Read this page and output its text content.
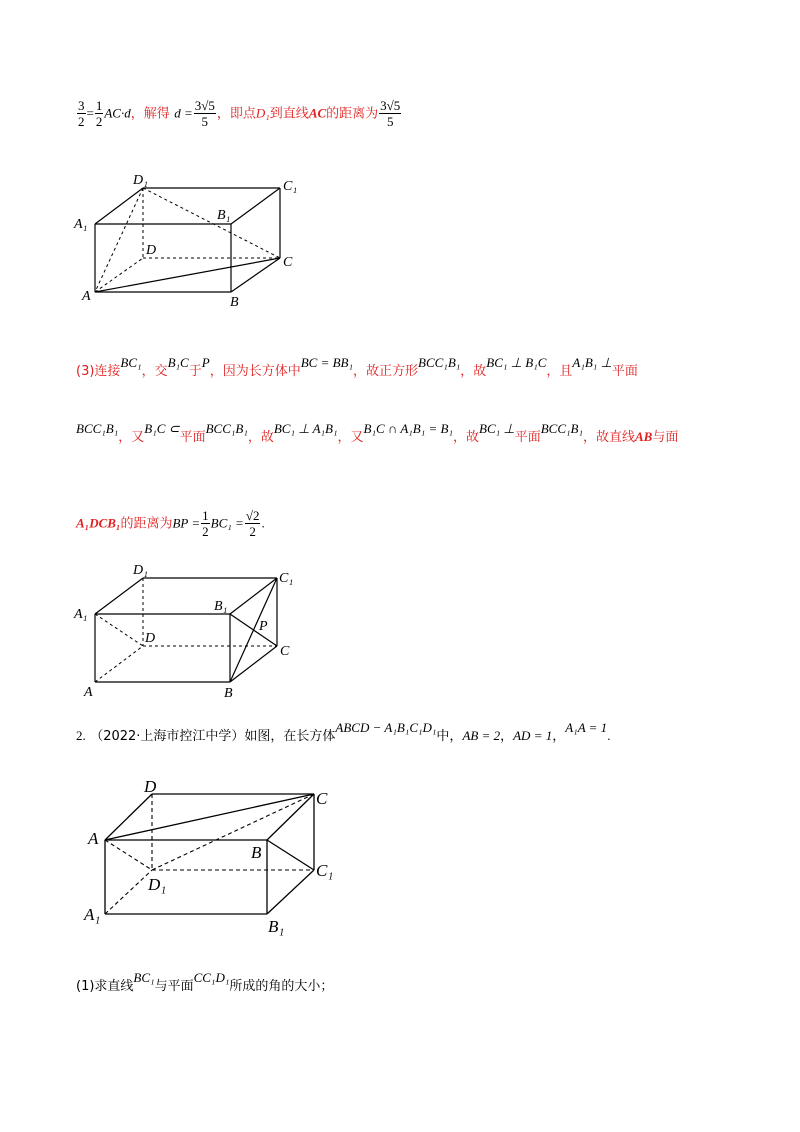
$\frac{3}{2} = \frac{1}{2} AC\cdot d$，解得 $d = \frac{3√5}{5}$ ，即点D₁到直线AC的距离为 $\frac{3√5}{5}$
D₁	C₁
A₁
B₁
D
C
A	B
(3)连接BC₁，交B₁C于P，因为长方体中BC = BB₁，故正方形BCC₁B₁，故BC₁ ⊥ B₁C，且A₁B₁ ⊥平面
BCC₁B₁，又B₁C ⊂平面BCC₁B₁，故BC₁ ⊥ A₁B₁，又B₁C ∩ A₁B₁ = B₁，故BC₁ ⊥平面BCC₁B₁，故直线AB与面
A₁DCB₁的距离为BP = $\frac{1}{2} BC_1 = \frac{√2}{2}$ .
D₁
C₁
A₁
B₁
P
D
C
A	B
2. （2022·上海市控江中学）如图，在长方体ABCD − A₁B₁C₁D₁中，AB = 2，AD = 1，A₁A = 1.
D
C
A
B
D₁
C₁
A₁
B₁
(1)求直线BC₁与平面CC₁D₁所成的角的大小；
